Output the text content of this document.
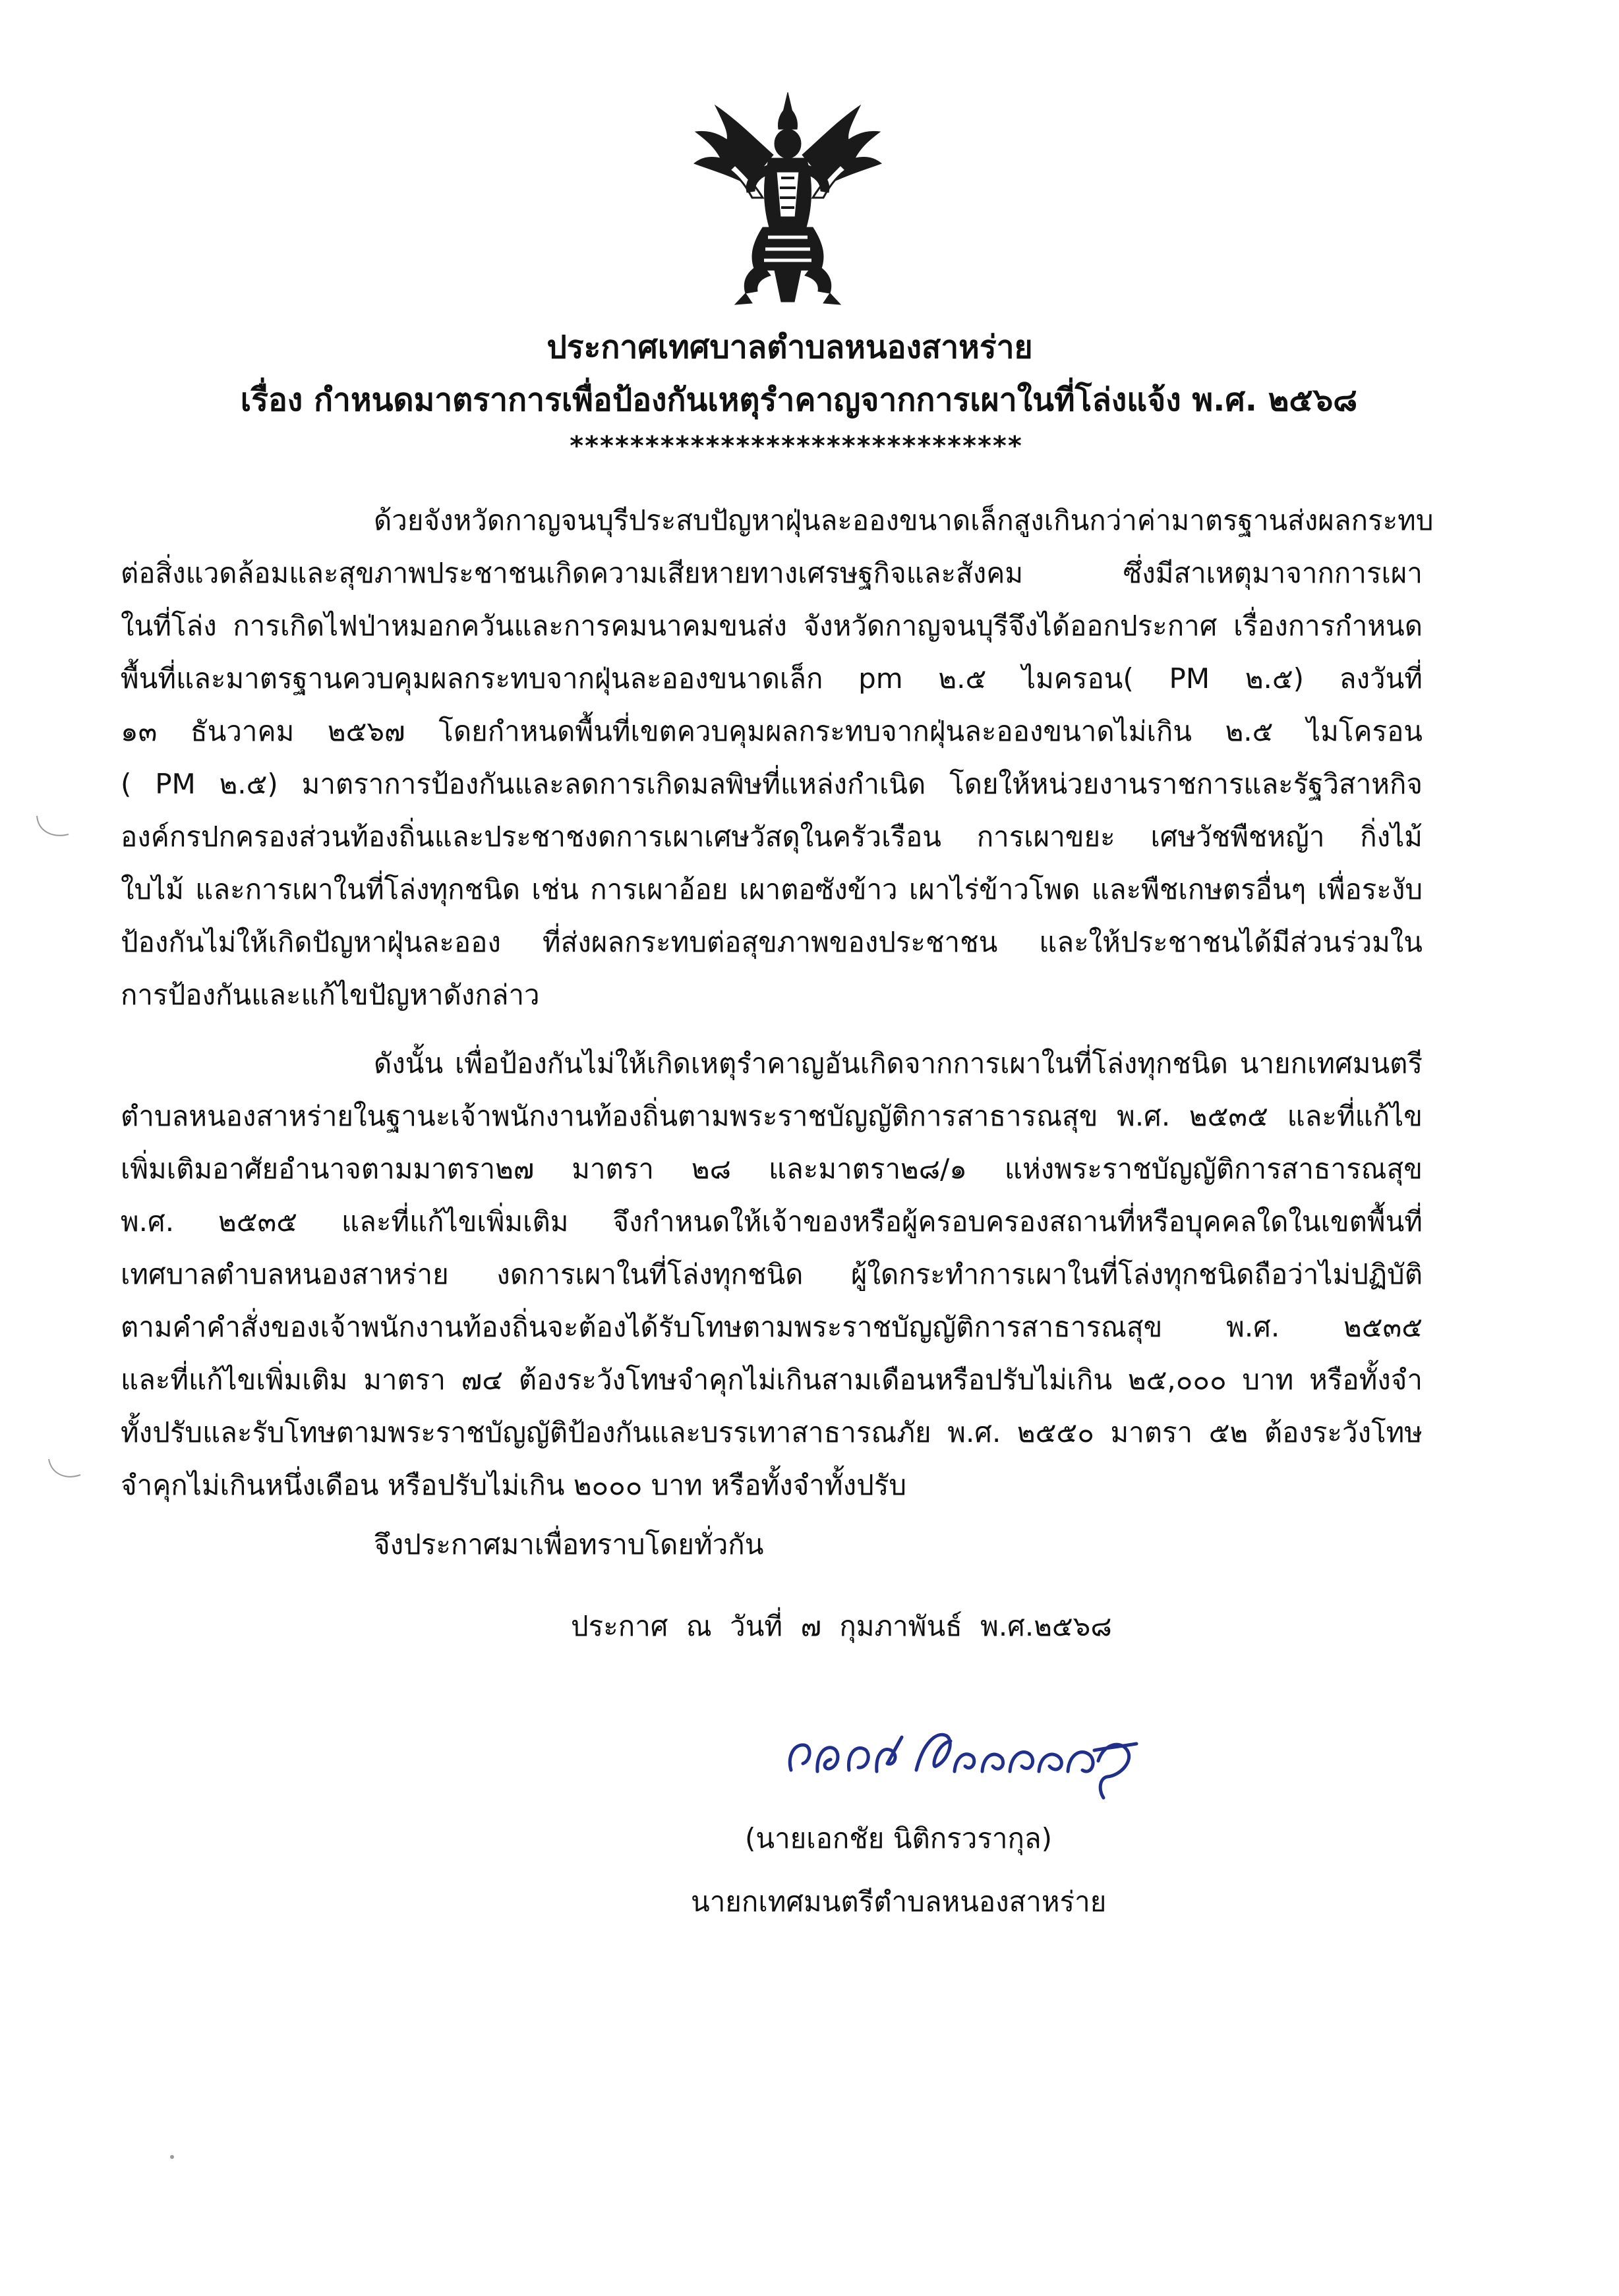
ประกาศเทศบาลตำบลหนองสาหร่าย
เรื่อง กำหนดมาตราการเพื่อป้องกันเหตุรำคาญจากการเผาในที่โล่งแจ้ง พ.ศ. ๒๕๖๘
******************************
ด้วยจังหวัดกาญจนบุรีประสบปัญหาฝุ่นละอองขนาดเล็กสูงเกินกว่าค่ามาตรฐานส่งผลกระทบ
ต่อสิ่งแวดล้อมและสุขภาพประชาชนเกิดความเสียหายทางเศรษฐกิจและสังคม ซึ่งมีสาเหตุมาจากการเผา
ในที่โล่ง การเกิดไฟป่าหมอกควันและการคมนาคมขนส่ง จังหวัดกาญจนบุรีจึงได้ออกประกาศ เรื่องการกำหนด
พื้นที่และมาตรฐานควบคุมผลกระทบจากฝุ่นละอองขนาดเล็ก pm ๒.๕ ไมครอน( PM ๒.๕) ลงวันที่
๑๓ ธันวาคม ๒๕๖๗ โดยกำหนดพื้นที่เขตควบคุมผลกระทบจากฝุ่นละอองขนาดไม่เกิน ๒.๕ ไมโครอน
( PM ๒.๕) มาตราการป้องกันและลดการเกิดมลพิษที่แหล่งกำเนิด โดยให้หน่วยงานราชการและรัฐวิสาหกิจ
องค์กรปกครองส่วนท้องถิ่นและประชาชงดการเผาเศษวัสดุในครัวเรือน การเผาขยะ เศษวัชพืชหญ้า กิ่งไม้
ใบไม้ และการเผาในที่โล่งทุกชนิด เช่น การเผาอ้อย เผาตอซังข้าว เผาไร่ข้าวโพด และพืชเกษตรอื่นๆ เพื่อระงับ
ป้องกันไม่ให้เกิดปัญหาฝุ่นละออง ที่ส่งผลกระทบต่อสุขภาพของประชาชน และให้ประชาชนได้มีส่วนร่วมใน
การป้องกันและแก้ไขปัญหาดังกล่าว
ดังนั้น เพื่อป้องกันไม่ให้เกิดเหตุรำคาญอันเกิดจากการเผาในที่โล่งทุกชนิด นายกเทศมนตรี
ตำบลหนองสาหร่ายในฐานะเจ้าพนักงานท้องถิ่นตามพระราชบัญญัติการสาธารณสุข พ.ศ. ๒๕๓๕ และที่แก้ไข
เพิ่มเติมอาศัยอำนาจตามมาตรา๒๗ มาตรา ๒๘ และมาตรา๒๘/๑ แห่งพระราชบัญญัติการสาธารณสุข
พ.ศ. ๒๕๓๕ และที่แก้ไขเพิ่มเติม จึงกำหนดให้เจ้าของหรือผู้ครอบครองสถานที่หรือบุคคลใดในเขตพื้นที่
เทศบาลตำบลหนองสาหร่าย งดการเผาในที่โล่งทุกชนิด ผู้ใดกระทำการเผาในที่โล่งทุกชนิดถือว่าไม่ปฏิบัติ
ตามคำคำสั่งของเจ้าพนักงานท้องถิ่นจะต้องได้รับโทษตามพระราชบัญญัติการสาธารณสุข พ.ศ. ๒๕๓๕
และที่แก้ไขเพิ่มเติม มาตรา ๗๔ ต้องระวังโทษจำคุกไม่เกินสามเดือนหรือปรับไม่เกิน ๒๕,๐๐๐ บาท หรือทั้งจำ
ทั้งปรับและรับโทษตามพระราชบัญญัติป้องกันและบรรเทาสาธารณภัย พ.ศ. ๒๕๕๐ มาตรา ๕๒ ต้องระวังโทษ
จำคุกไม่เกินหนึ่งเดือน หรือปรับไม่เกิน ๒๐๐๐ บาท หรือทั้งจำทั้งปรับ
จึงประกาศมาเพื่อทราบโดยทั่วกัน
ประกาศ ณ วันที่ ๗ กุมภาพันธ์ พ.ศ.๒๕๖๘
(นายเอกชัย นิติกรวรากุล)
นายกเทศมนตรีตำบลหนองสาหร่าย
